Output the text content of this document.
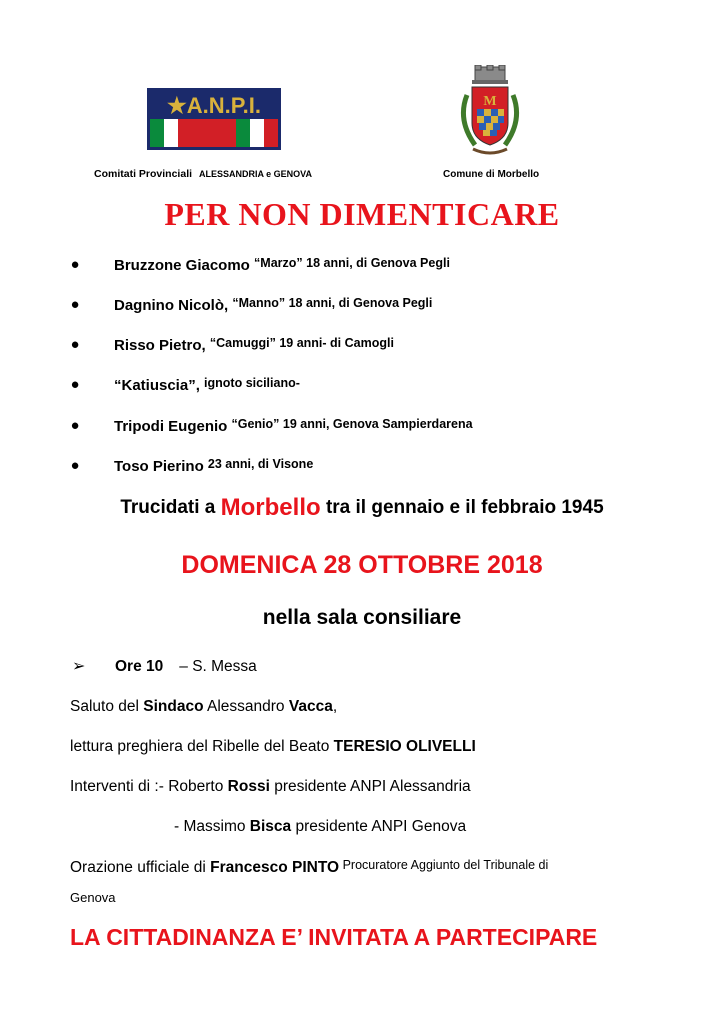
★A.N.P.I.
Comitati Provinciali ALESSANDRIA e GENOVA
M
Comune di Morbello
PER NON DIMENTICARE
●	Bruzzone Giacomo $^{“Marzo” 18 anni, di Genova Pegli}$
●	Dagnino Nicolò, $^{“Manno” 18 anni, di Genova Pegli}$
●	Risso Pietro, $^{“Camuggi” 19 anni- di Camogli}$
●	“Katiuscia”, $^{ignoto siciliano-}$
●	Tripodi Eugenio $^{“Genio” 19 anni, Genova Sampierdarena}$
●	Toso Pierino $^{23 anni, di Visone}$
Trucidati a Morbello tra il gennaio e il febbraio 1945
DOMENICA 28 OTTOBRE 2018
nella sala consiliare
➢ Ore 10 – S. Messa
Saluto del Sindaco Alessandro Vacca,
lettura preghiera del Ribelle del Beato TERESIO OLIVELLI
Interventi di :- Roberto Rossi presidente ANPI Alessandria
- Massimo Bisca presidente ANPI Genova
Orazione ufficiale di Francesco PINTO Procuratore Aggiunto del Tribunale di
Genova
LA CITTADINANZA E’ INVITATA A PARTECIPARE
